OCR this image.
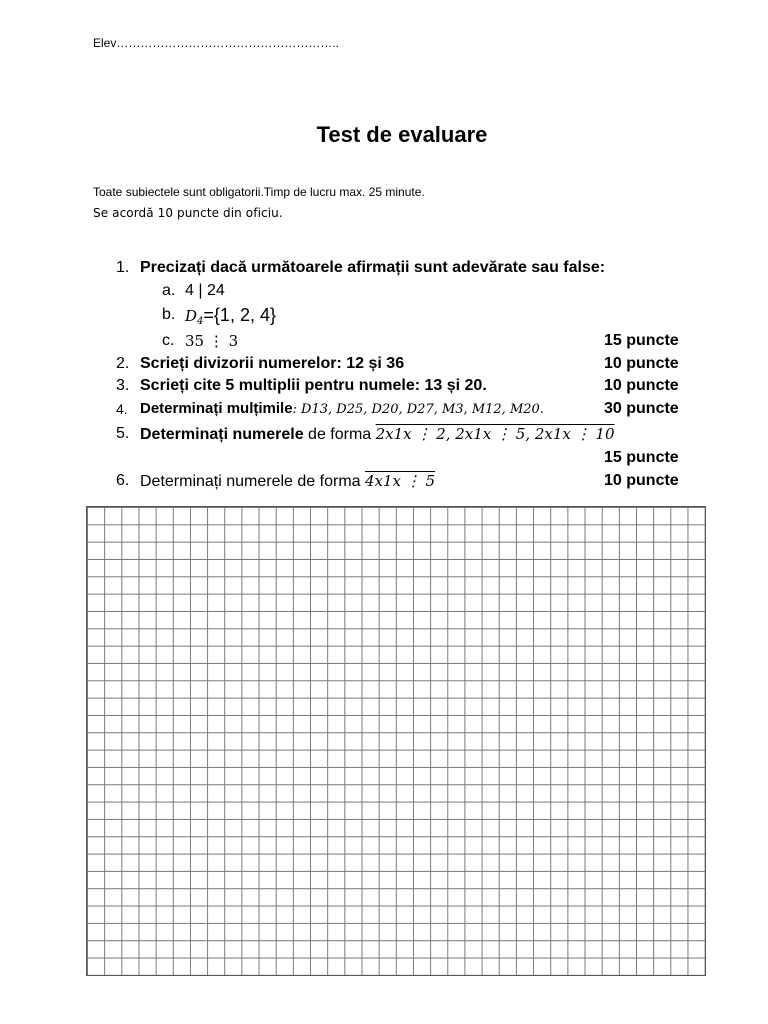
Elev………………………………………………..
Test de evaluare
Toate subiectele sunt obligatorii.Timp de lucru max. 25 minute.
Se acordă 10 puncte din oficiu.
1. Precizați dacă următoarele afirmații sunt adevărate sau false:
a. 4 | 24
b. $D_4=\{1$, 2, 4}
c. 35 ⋮ 3	15 puncte
2. Scrieți divizorii numerelor: 12 și 36	10 puncte
3. Scrieți cite 5 multiplii pentru numele: 13 și 20.	10 puncte
4. Determinați mulțimile: D13, D25, D20, D27, M3, M12, M20.	30 puncte
5. Determinați numerele de forma 2x1x ⋮ 2, 2x1x ⋮ 5, 2x1x ⋮ 10
15 puncte
6. Determinați numerele de forma 4x1x ⋮ 5	10 puncte
